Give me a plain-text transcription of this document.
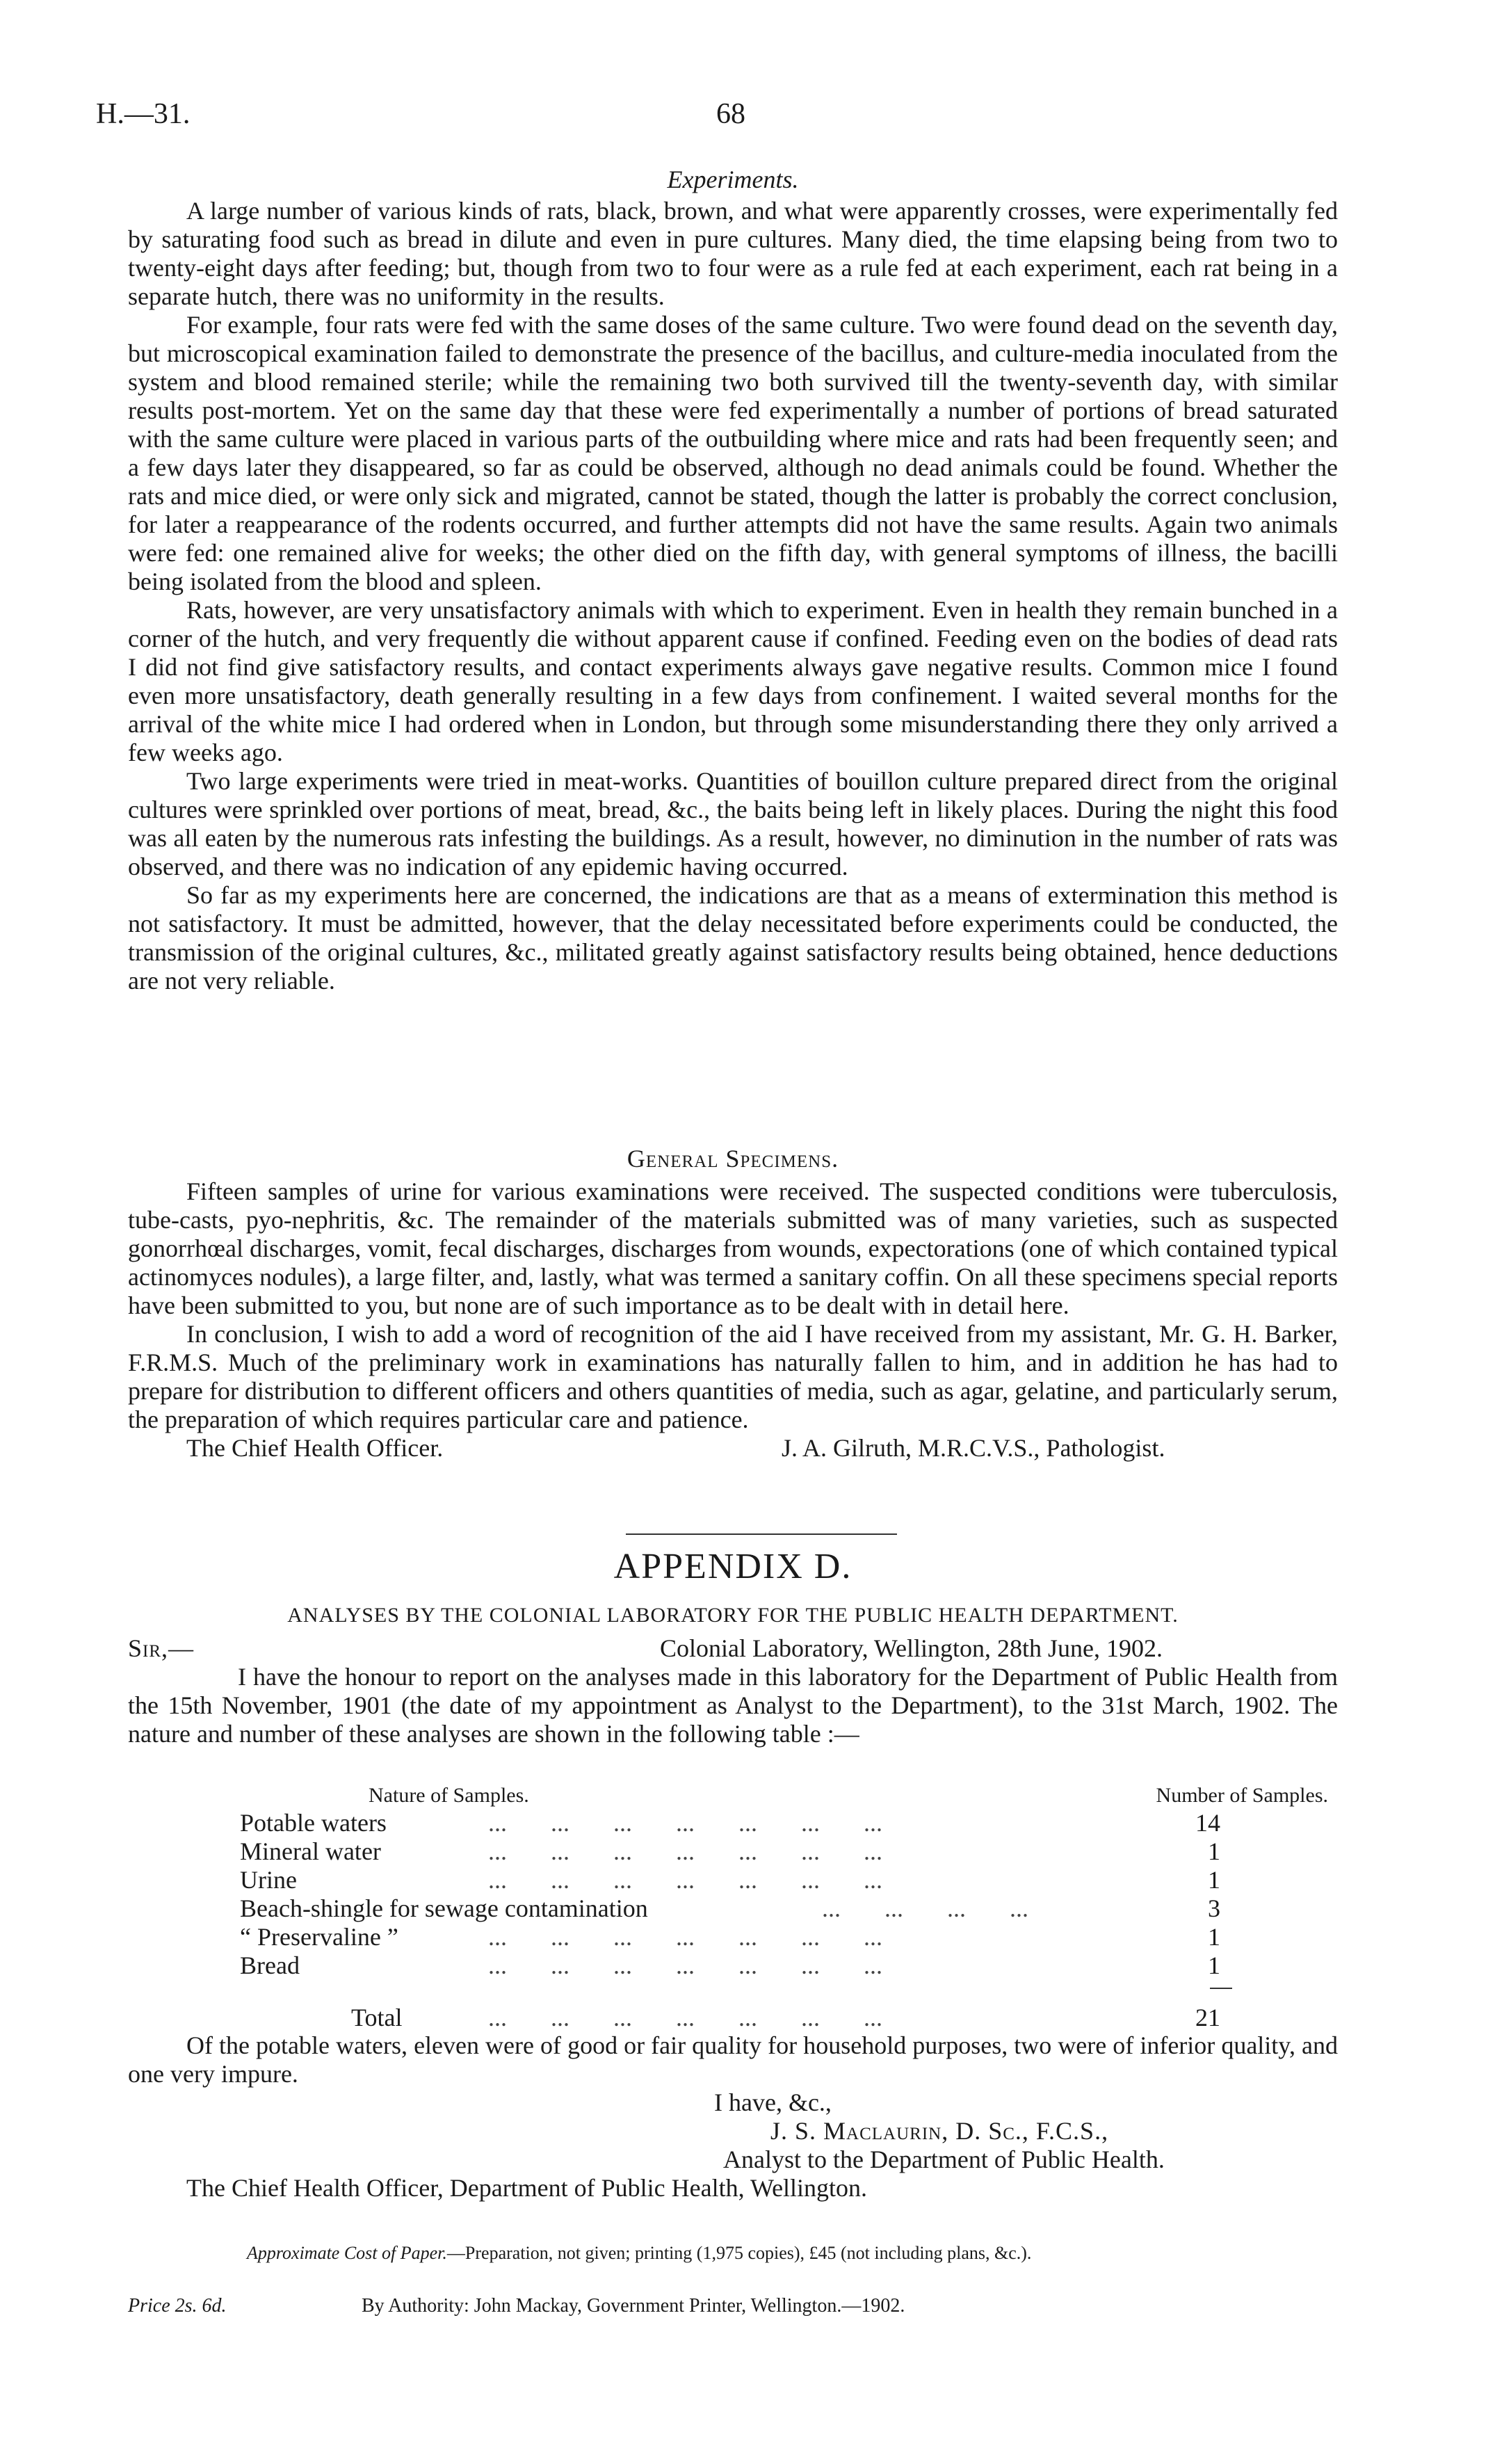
H.—31.	68
Experiments.

A large number of various kinds of rats, black, brown, and what were apparently crosses, were experimentally fed by saturating food such as bread in dilute and even in pure cultures. Many died, the time elapsing being from two to twenty-eight days after feeding; but, though from two to four were as a rule fed at each experiment, each rat being in a separate hutch, there was no uniformity in the results.

For example, four rats were fed with the same doses of the same culture. Two were found dead on the seventh day, but microscopical examination failed to demonstrate the presence of the bacillus, and culture-media inoculated from the system and blood remained sterile; while the remaining two both survived till the twenty-seventh day, with similar results post-mortem. Yet on the same day that these were fed experimentally a number of portions of bread saturated with the same culture were placed in various parts of the outbuilding where mice and rats had been frequently seen; and a few days later they disappeared, so far as could be observed, although no dead animals could be found. Whether the rats and mice died, or were only sick and migrated, cannot be stated, though the latter is probably the correct conclusion, for later a reappearance of the rodents occurred, and further attempts did not have the same results. Again two animals were fed: one remained alive for weeks; the other died on the fifth day, with general symptoms of illness, the bacilli being isolated from the blood and spleen.

Rats, however, are very unsatisfactory animals with which to experiment. Even in health they remain bunched in a corner of the hutch, and very frequently die without apparent cause if confined. Feeding even on the bodies of dead rats I did not find give satisfactory results, and contact experiments always gave negative results. Common mice I found even more unsatisfactory, death generally resulting in a few days from confinement. I waited several months for the arrival of the white mice I had ordered when in London, but through some misunderstanding there they only arrived a few weeks ago.

Two large experiments were tried in meat-works. Quantities of bouillon culture prepared direct from the original cultures were sprinkled over portions of meat, bread, &c., the baits being left in likely places. During the night this food was all eaten by the numerous rats infesting the buildings. As a result, however, no diminution in the number of rats was observed, and there was no indication of any epidemic having occurred.

So far as my experiments here are concerned, the indications are that as a means of extermination this method is not satisfactory. It must be admitted, however, that the delay necessitated before experiments could be conducted, the transmission of the original cultures, &c., militated greatly against satisfactory results being obtained, hence deductions are not very reliable.

General Specimens.

Fifteen samples of urine for various examinations were received. The suspected conditions were tuberculosis, tube-casts, pyo-nephritis, &c. The remainder of the materials submitted was of many varieties, such as suspected gonorrhœal discharges, vomit, fecal discharges, discharges from wounds, expectorations (one of which contained typical actinomyces nodules), a large filter, and, lastly, what was termed a sanitary coffin. On all these specimens special reports have been submitted to you, but none are of such importance as to be dealt with in detail here.

In conclusion, I wish to add a word of recognition of the aid I have received from my assistant, Mr. G. H. Barker, F.R.M.S. Much of the preliminary work in examinations has naturally fallen to him, and in addition he has had to prepare for distribution to different officers and others quantities of media, such as agar, gelatine, and particularly serum, the preparation of which requires particular care and patience.

The Chief Health Officer.	J. A. Gilruth, M.R.C.V.S., Pathologist.
APPENDIX D.
ANALYSES BY THE COLONIAL LABORATORY FOR THE PUBLIC HEALTH DEPARTMENT.
Sir,—	Colonial Laboratory, Wellington, 28th June, 1902.

I have the honour to report on the analyses made in this laboratory for the Department of Public Health from the 15th November, 1901 (the date of my appointment as Analyst to the Department), to the 31st March, 1902. The nature and number of these analyses are shown in the following table :—

Nature of Samples.	Number of Samples.
Potable waters	...       ...       ...       ...       ...       ...       ...	14
Mineral water	...       ...       ...       ...       ...       ...       ...	1
Urine	...       ...       ...       ...       ...       ...       ...	1
Beach-shingle for sewage contamination	...       ...       ...       ...	3
“ Preservaline ”	...       ...       ...       ...       ...       ...       ...	1
Bread	...       ...       ...       ...       ...       ...       ...	1
Total	...       ...       ...       ...       ...       ...       ...	21

Of the potable waters, eleven were of good or fair quality for household purposes, two were of inferior quality, and one very impure.

I have, &c.,
J. S. Maclaurin, D. Sc., F.C.S.,
Analyst to the Department of Public Health.
The Chief Health Officer, Department of Public Health, Wellington.
Approximate Cost of Paper.—Preparation, not given; printing (1,975 copies), £45 (not including plans, &c.).
Price 2s. 6d.	By Authority: John Mackay, Government Printer, Wellington.—1902.
